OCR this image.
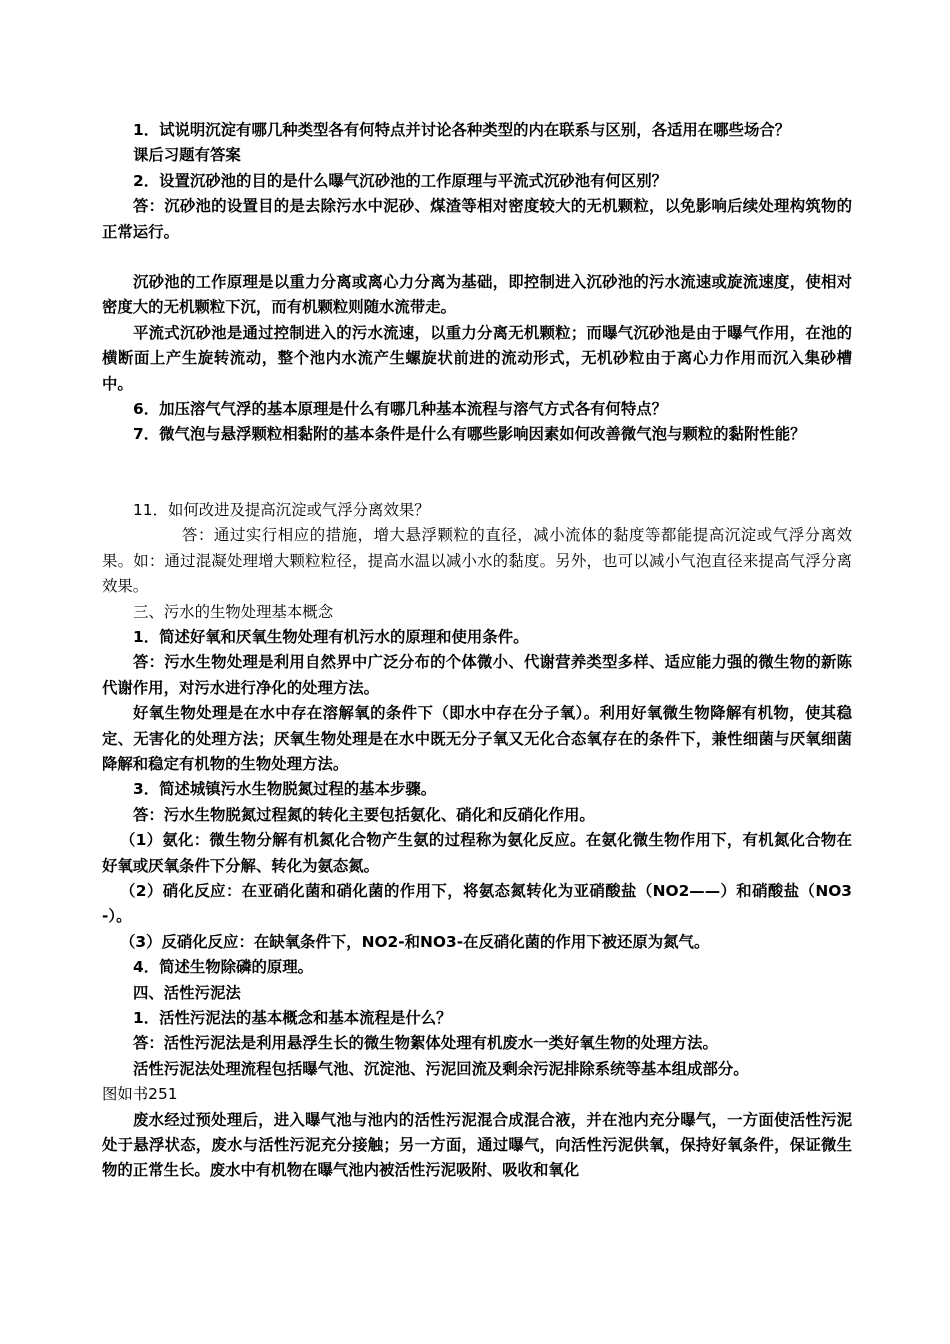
1．试说明沉淀有哪几种类型各有何特点并讨论各种类型的内在联系与区别，各适用在哪些场合？

课后习题有答案

2．设置沉砂池的目的是什么曝气沉砂池的工作原理与平流式沉砂池有何区别？

答：沉砂池的设置目的是去除污水中泥砂、煤渣等相对密度较大的无机颗粒，以免影响后续处理构筑物的正常运行。

沉砂池的工作原理是以重力分离或离心力分离为基础，即控制进入沉砂池的污水流速或旋流速度，使相对密度大的无机颗粒下沉，而有机颗粒则随水流带走。

平流式沉砂池是通过控制进入的污水流速，以重力分离无机颗粒；而曝气沉砂池是由于曝气作用，在池的横断面上产生旋转流动，整个池内水流产生螺旋状前进的流动形式，无机砂粒由于离心力作用而沉入集砂槽中。

6．加压溶气气浮的基本原理是什么有哪几种基本流程与溶气方式各有何特点？

7．微气泡与悬浮颗粒相黏附的基本条件是什么有哪些影响因素如何改善微气泡与颗粒的黏附性能？

11．如何改进及提高沉淀或气浮分离效果？

答：通过实行相应的措施，增大悬浮颗粒的直径，减小流体的黏度等都能提高沉淀或气浮分离效果。如：通过混凝处理增大颗粒粒径，提高水温以减小水的黏度。另外，也可以减小气泡直径来提高气浮分离效果。

三、污水的生物处理基本概念

1．简述好氧和厌氧生物处理有机污水的原理和使用条件。

答：污水生物处理是利用自然界中广泛分布的个体微小、代谢营养类型多样、适应能力强的微生物的新陈代谢作用，对污水进行净化的处理方法。

好氧生物处理是在水中存在溶解氧的条件下（即水中存在分子氧）。利用好氧微生物降解有机物，使其稳定、无害化的处理方法；厌氧生物处理是在水中既无分子氧又无化合态氧存在的条件下，兼性细菌与厌氧细菌降解和稳定有机物的生物处理方法。

3．简述城镇污水生物脱氮过程的基本步骤。

答：污水生物脱氮过程氮的转化主要包括氨化、硝化和反硝化作用。

（1）氨化：微生物分解有机氮化合物产生氨的过程称为氨化反应。在氨化微生物作用下，有机氮化合物在好氧或厌氧条件下分解、转化为氨态氮。

（2）硝化反应：在亚硝化菌和硝化菌的作用下，将氨态氮转化为亚硝酸盐（NO2——）和硝酸盐（NO3-）。

（3）反硝化反应：在缺氧条件下，NO2-和NO3-在反硝化菌的作用下被还原为氮气。

4．简述生物除磷的原理。

四、活性污泥法

1．活性污泥法的基本概念和基本流程是什么？

答：活性污泥法是利用悬浮生长的微生物絮体处理有机废水一类好氧生物的处理方法。

活性污泥法处理流程包括曝气池、沉淀池、污泥回流及剩余污泥排除系统等基本组成部分。

图如书251

废水经过预处理后，进入曝气池与池内的活性污泥混合成混合液，并在池内充分曝气，一方面使活性污泥处于悬浮状态，废水与活性污泥充分接触；另一方面，通过曝气，向活性污泥供氧，保持好氧条件，保证微生物的正常生长。废水中有机物在曝气池内被活性污泥吸附、吸收和氧化
